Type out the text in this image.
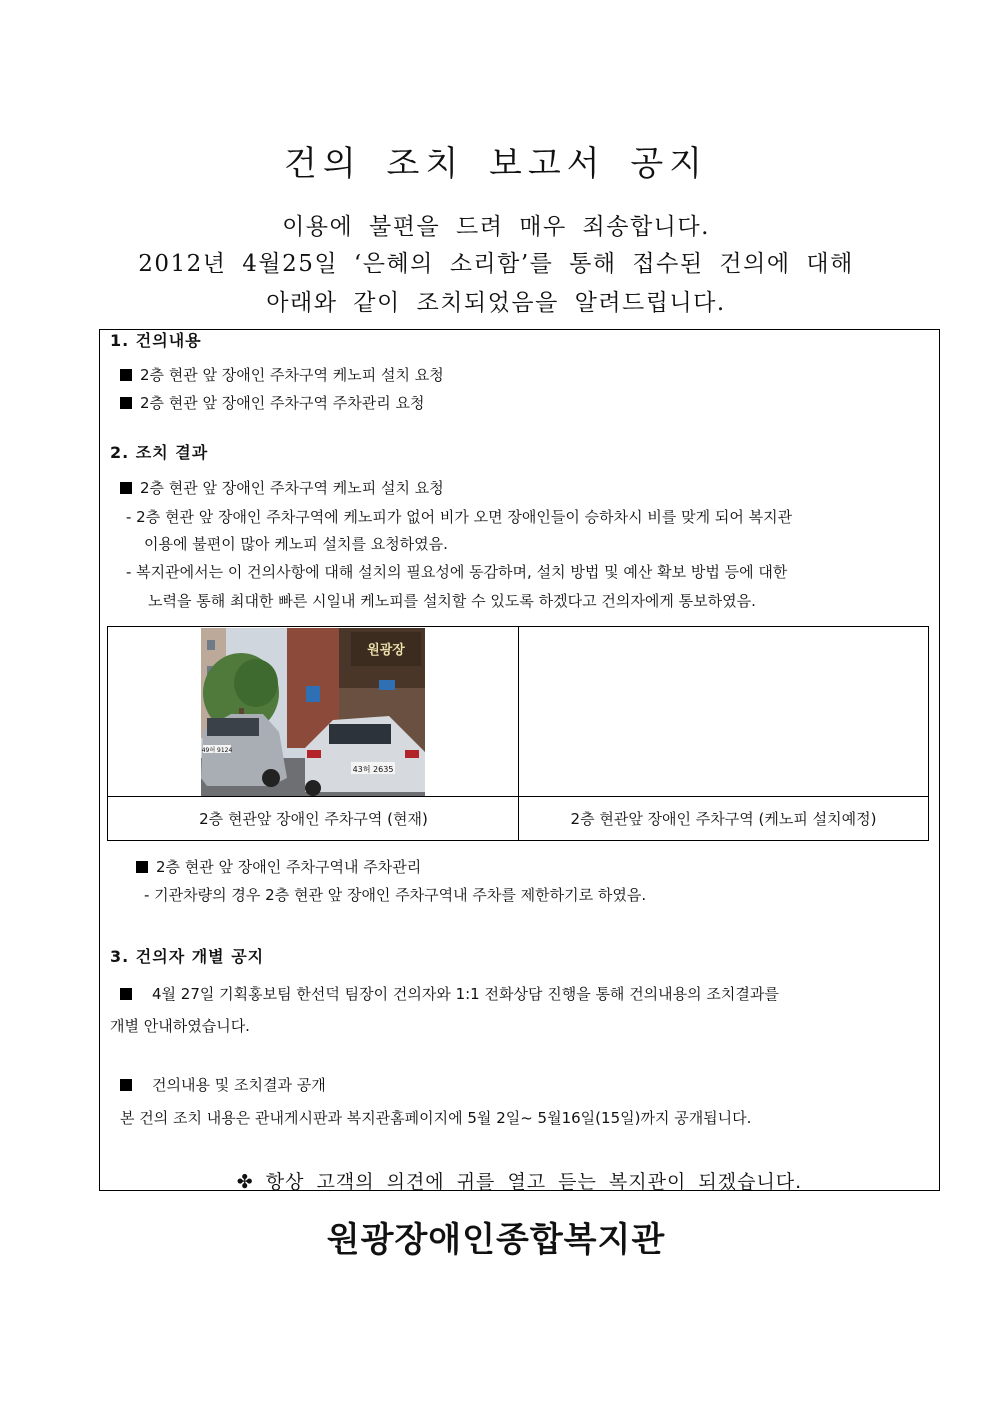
건의 조치 보고서 공지
이용에 불편을 드려 매우 죄송합니다.
2012년 4월25일 ‘은혜의 소리함’를 통해 접수된 건의에 대해
아래와 같이 조치되었음을 알려드립니다.
1. 건의내용
2층 현관 앞 장애인 주차구역 케노피 설치 요청
2층 현관 앞 장애인 주차구역 주차관리 요청
2. 조치 결과
2층 현관 앞 장애인 주차구역 케노피 설치 요청
- 2층 현관 앞 장애인 주차구역에 케노피가 없어 비가 오면 장애인들이 승하차시 비를 맞게 되어 복지관
이용에 불편이 많아 케노피 설치를 요청하였음.
- 복지관에서는 이 건의사항에 대해 설치의 필요성에 동감하며, 설치 방법 및 예산 확보 방법 등에 대한
노력을 통해 최대한 빠른 시일내 케노피를 설치할 수 있도록 하겠다고 건의자에게 통보하였음.
원광장
49허 9124
43허 2635
2층 현관앞 장애인 주차구역 (현재)	2층 현관앞 장애인 주차구역 (케노피 설치예정)
2층 현관 앞 장애인 주차구역내 주차관리
- 기관차량의 경우 2층 현관 앞 장애인 주차구역내 주차를 제한하기로 하였음.
3. 건의자 개별 공지
4월 27일 기획홍보팀 한선덕 팀장이 건의자와 1:1 전화상담 진행을 통해 건의내용의 조치결과를
개별 안내하였습니다.
건의내용 및 조치결과 공개
본 건의 조치 내용은 관내게시판과 복지관홈페이지에 5월 2일~ 5월16일(15일)까지 공개됩니다.
✤ 항상 고객의 의견에 귀를 열고 듣는 복지관이 되겠습니다.
원광장애인종합복지관
